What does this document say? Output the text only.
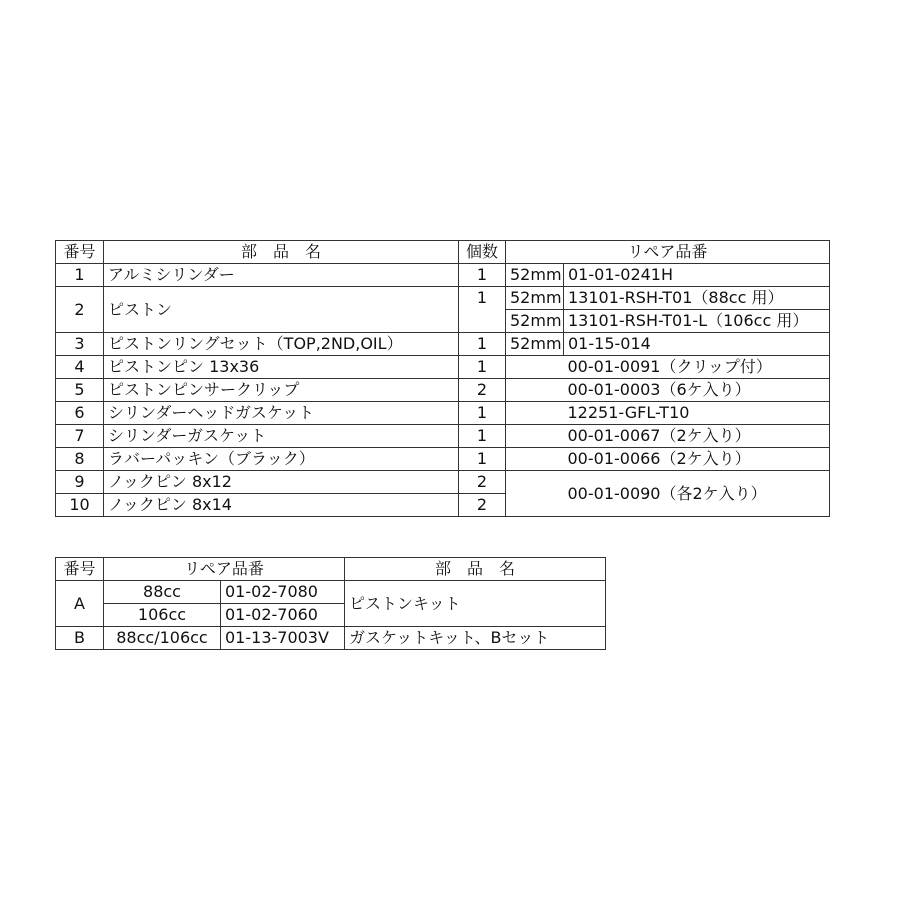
番号	部　品　名	個数	リペア品番	
1	アルミシリンダー	1	52mm	01-01-0241H
2	ピストン	1	52mm	13101-RSH-T01（88cc 用）
			52mm	13101-RSH-T01-L（106cc 用）
3	ピストンリングセット（TOP,2ND,OIL）	1	52mm	01-15-014
4	ピストンピン 13x36	1		00-01-0091（クリップ付）
5	ピストンピンサークリップ	2		00-01-0003（6ケ入り）
6	シリンダーヘッドガスケット	1		12251-GFL-T10
7	シリンダーガスケット	1		00-01-0067（2ケ入り）
8	ラバーパッキン（ブラック）	1		00-01-0066（2ケ入り）
9	ノックピン 8x12	2		00-01-0090（各2ケ入り）
10	ノックピン 8x14	2		
番号	リペア品番		部　品　名
A	88cc	01-02-7080	ピストンキット
	106cc	01-02-7060	
B	88cc/106cc	01-13-7003V	ガスケットキット、Bセット
